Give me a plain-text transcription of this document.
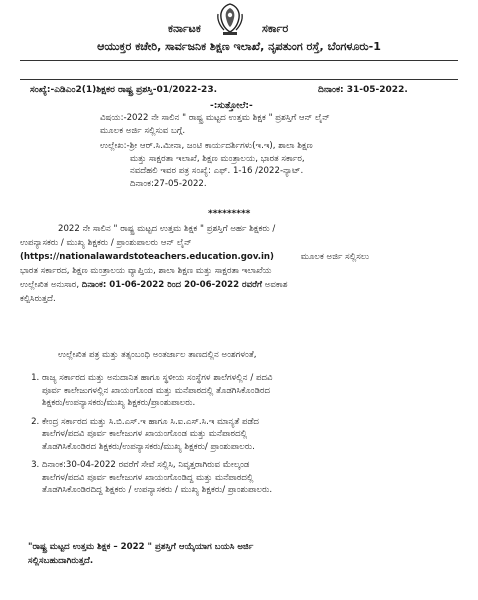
ಕರ್ನಾಟಕ	ಸರ್ಕಾರ
ಆಯುಕ್ತರ ಕಚೇರಿ, ಸಾರ್ವಜನಿಕ ಶಿಕ್ಷಣ ಇಲಾಖೆ, ನೃಪತುಂಗ ರಸ್ತೆ, ಬೆಂಗಳೂರು-1
ಸಂಖ್ಯೆ:-ಎಡಿಎಂ2(1)ಶಿಕ್ಷಕರ ರಾಷ್ಟ್ರ ಪ್ರಶಸ್ತಿ-01/2022-23.	ದಿನಾಂಕ: 31-05-2022.
-:ಸುತ್ತೋಲೆ:-
ವಿಷಯ:-2022 ನೇ ಸಾಲಿನ " ರಾಷ್ಟ್ರ ಮಟ್ಟದ ಉತ್ತಮ ಶಿಕ್ಷಕ " ಪ್ರಶಸ್ತಿಗೆ ಆನ್ ಲೈನ್
ಮೂಲಕ ಅರ್ಜಿ ಸಲ್ಲಿಸುವ ಬಗ್ಗೆ.
ಉಲ್ಲೇಖ:-ಶ್ರೀ ಆರ್.ಸಿ.ಮೀನಾ, ಜಂಟಿ ಕಾರ್ಯದರ್ಶಿಗಳು(ಇ.ಇ), ಶಾಲಾ ಶಿಕ್ಷಣ
ಮತ್ತು ಸಾಕ್ಷರತಾ ಇಲಾಖೆ, ಶಿಕ್ಷಣ ಮಂತ್ರಾಲಯ, ಭಾರತ ಸರ್ಕಾರ,
ನವದೆಹಲಿ ಇವರ ಪತ್ರ ಸಂಖ್ಯೆ: ಎಫ್. 1-16 /2022-ನ್ಯಾಟ್.
ದಿನಾಂಕ:27-05-2022.
*********
2022 ನೇ ಸಾಲಿನ " ರಾಷ್ಟ್ರ ಮಟ್ಟದ ಉತ್ತಮ ಶಿಕ್ಷಕ " ಪ್ರಶಸ್ತಿಗೆ ಅರ್ಹ ಶಿಕ್ಷಕರು /
ಉಪನ್ಯಾಸಕರು / ಮುಖ್ಯ ಶಿಕ್ಷಕರು / ಪ್ರಾಂಶುಪಾಲರು ಆನ್ ಲೈನ್
(https://nationalawardstoteachers.education.gov.in)	ಮೂಲಕ ಅರ್ಜಿ ಸಲ್ಲಿಸಲು
ಭಾರತ ಸರ್ಕಾರದ, ಶಿಕ್ಷಣ ಮಂತ್ರಾಲಯ ವ್ಯಾಪ್ತಿಯ, ಶಾಲಾ ಶಿಕ್ಷಣ ಮತ್ತು ಸಾಕ್ಷರತಾ ಇಲಾಖೆಯ
ಉಲ್ಲೇಖಿತ ಅನುಸಾರ, ದಿನಾಂಕ: 01-06-2022 ರಿಂದ 20-06-2022 ರವರೆಗೆ ಅವಕಾಶ
ಕಲ್ಪಿಸಿರುತ್ತದೆ.
ಉಲ್ಲೇಖಿತ ಪತ್ರ ಮತ್ತು ತತ್ಸಂಬಂಧಿ ಅಂತರ್ಜಾಲ ತಾಣದಲ್ಲಿನ ಅಂಶಗಳಂತೆ,
1. ರಾಜ್ಯ ಸರ್ಕಾರದ ಮತ್ತು ಅನುದಾನಿತ ಹಾಗೂ ಸ್ಥಳೀಯ ಸಂಸ್ಥೆಗಳ ಶಾಲೆಗಳಲ್ಲಿನ / ಪದವಿ
ಪೂರ್ವ ಕಾಲೇಜುಗಳಲ್ಲಿನ ಖಾಯಂಗೊಂಡ ಮತ್ತು ಮನೆಪಾಠದಲ್ಲಿ ತೊಡಗಿಸಿಕೊಂಡಿರದ
ಶಿಕ್ಷಕರು/ಉಪನ್ಯಾಸಕರು/ಮುಖ್ಯ ಶಿಕ್ಷಕರು/ಪ್ರಾಂಶುಪಾಲರು.
2. ಕೇಂದ್ರ ಸರ್ಕಾರದ ಮತ್ತು ಸಿ.ಬಿ.ಎಸ್.ಇ ಹಾಗೂ ಸಿ.ಐ.ಎಸ್.ಸಿ.ಇ ಮಾನ್ಯತೆ ಪಡೆದ
ಶಾಲೆಗಳ/ಪದವಿ ಪೂರ್ವ ಕಾಲೇಜುಗಳ ಖಾಯಂಗೊಂಡ ಮತ್ತು ಮನೆಪಾಠದಲ್ಲಿ
ತೊಡಗಿಸಿಕೊಂಡಿರದ ಶಿಕ್ಷಕರು/ಉಪನ್ಯಾಸಕರು/ಮುಖ್ಯ ಶಿಕ್ಷಕರು/ ಪ್ರಾಂಶುಪಾಲರು.
3. ದಿನಾಂಕ:30-04-2022 ರವರೆಗೆ ಸೇವೆ ಸಲ್ಲಿಸಿ, ನಿವೃತ್ತರಾಗಿರುವ ಮೇಲ್ಕಂಡ
ಶಾಲೆಗಳ/ಪದವಿ ಪೂರ್ವ ಕಾಲೇಜುಗಳ ಖಾಯಂಗೊಂಡಿದ್ದ ಮತ್ತು ಮನೆಪಾಠದಲ್ಲಿ
ತೊಡಗಿಸಿಕೊಂಡಿರದಿದ್ದ ಶಿಕ್ಷಕರು / ಉಪನ್ಯಾಸಕರು / ಮುಖ್ಯ ಶಿಕ್ಷಕರು/ ಪ್ರಾಂಶುಪಾಲರು.
"ರಾಷ್ಟ್ರ ಮಟ್ಟದ ಉತ್ತಮ ಶಿಕ್ಷಕ – 2022 " ಪ್ರಶಸ್ತಿಗೆ ಆಯ್ಕೆಯಾಗ ಬಯಸಿ ಅರ್ಜಿ
ಸಲ್ಲಿಸಬಹುದಾಗಿರುತ್ತದೆ.
